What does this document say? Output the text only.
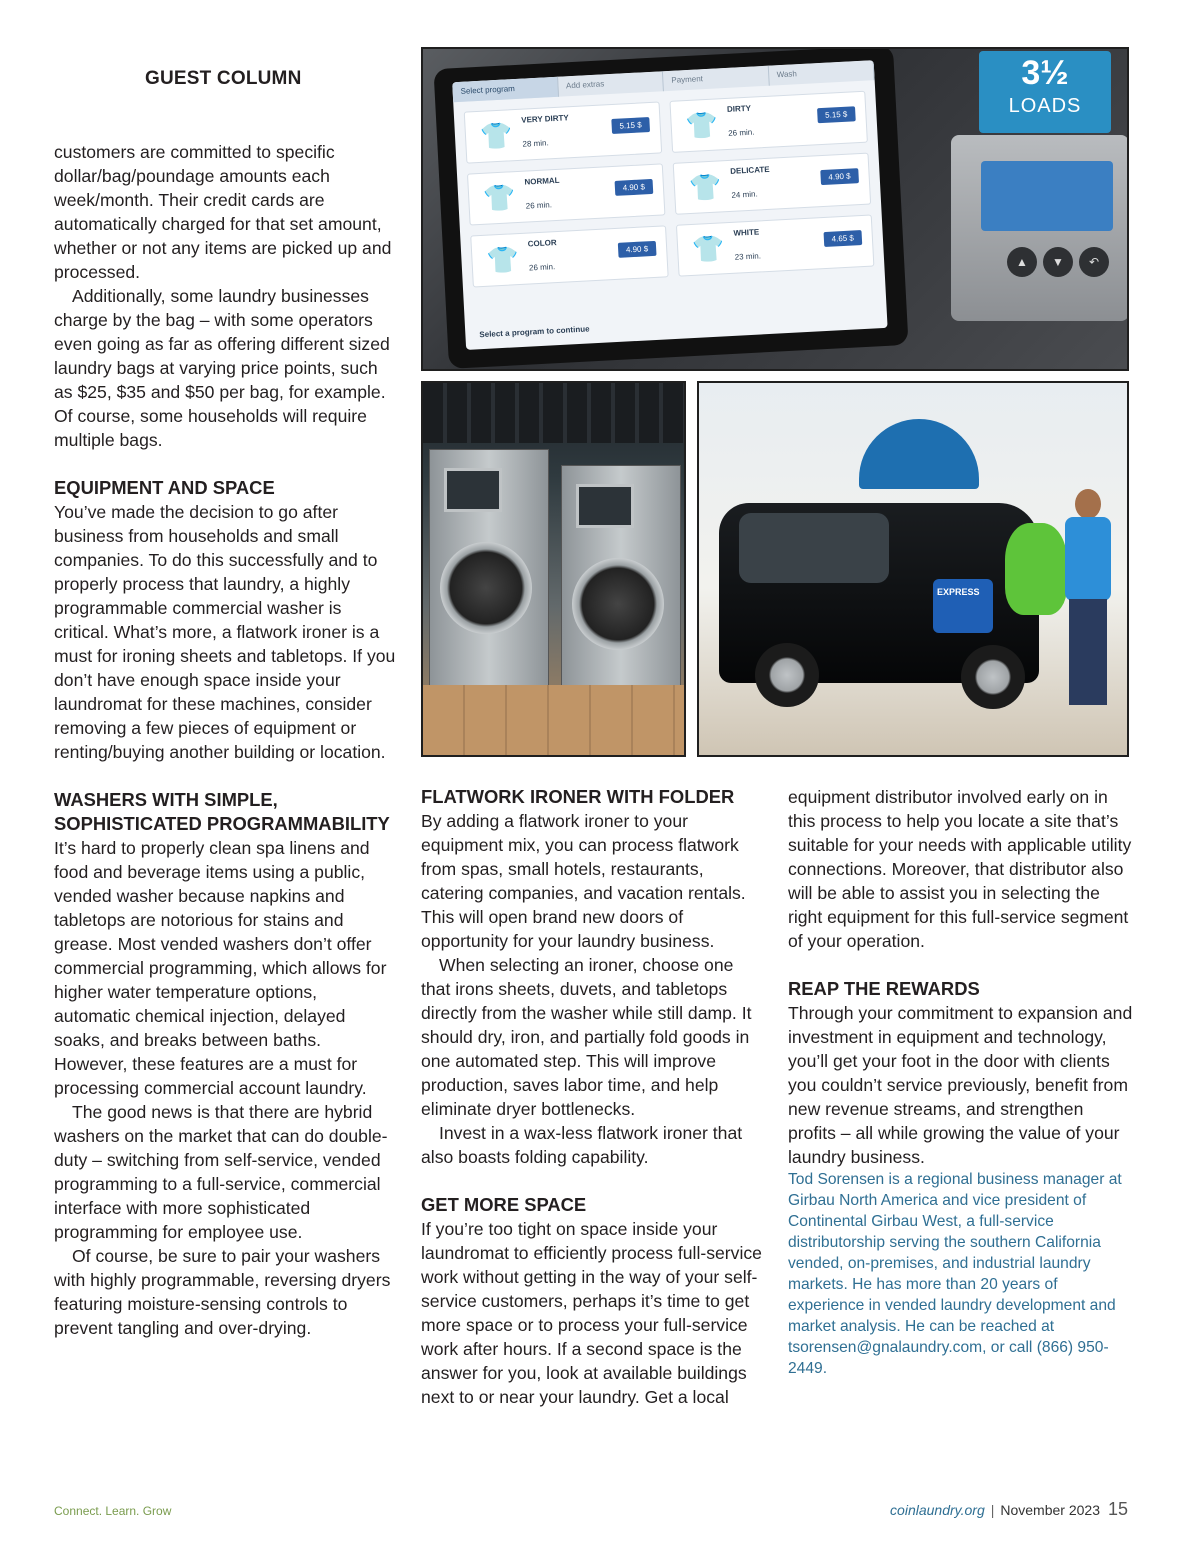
GUEST COLUMN

customers are committed to specific dollar/bag/poundage amounts each week/month. Their credit cards are automatically charged for that set amount, whether or not any items are picked up and processed.

Additionally, some laundry businesses charge by the bag – with some operators even going as far as offering different sized laundry bags at varying price points, such as $25, $35 and $50 per bag, for example. Of course, some households will require multiple bags.

EQUIPMENT AND SPACE

You’ve made the decision to go after business from households and small companies. To do this successfully and to properly process that laundry, a highly programmable commercial washer is critical. What’s more, a flatwork ironer is a must for ironing sheets and tabletops. If you don’t have enough space inside your laundromat for these machines, consider removing a few pieces of equipment or renting/buying another building or location.

WASHERS WITH SIMPLE, SOPHISTICATED PROGRAMMABILITY

It’s hard to properly clean spa linens and food and beverage items using a public, vended washer because napkins and tabletops are notorious for stains and grease. Most vended washers don’t offer commercial programming, which allows for higher water temperature options, automatic chemical injection, delayed soaks, and breaks between baths. However, these features are a must for processing commercial account laundry.

The good news is that there are hybrid washers on the market that can do double-duty – switching from self-service, vended programming to a full-service, commercial interface with more sophisticated programming for employee use.

Of course, be sure to pair your washers with highly programmable, reversing dryers featuring moisture-sensing controls to prevent tangling and over-drying.

FLATWORK IRONER WITH FOLDER

By adding a flatwork ironer to your equipment mix, you can process flatwork from spas, small hotels, restaurants, catering companies, and vacation rentals. This will open brand new doors of opportunity for your laundry business.

When selecting an ironer, choose one that irons sheets, duvets, and tabletops directly from the washer while still damp. It should dry, iron, and partially fold goods in one automated step. This will improve production, saves labor time, and help eliminate dryer bottlenecks.

Invest in a wax-less flatwork ironer that also boasts folding capability.

GET MORE SPACE

If you’re too tight on space inside your laundromat to efficiently process full-service work without getting in the way of your self-service customers, perhaps it’s time to get more space or to process your full-service work after hours. If a second space is the answer for you, look at available buildings next to or near your laundry. Get a local

equipment distributor involved early on in this process to help you locate a site that’s suitable for your needs with applicable utility connections. Moreover, that distributor also will be able to assist you in selecting the right equipment for this full-service segment of your operation.

REAP THE REWARDS

Through your commitment to expansion and investment in equipment and technology, you’ll get your foot in the door with clients you couldn’t service previously, benefit from new revenue streams, and strengthen profits – all while growing the value of your laundry business.

Tod Sorensen is a regional business manager at Girbau North America and vice president of Continental Girbau West, a full-service distributorship serving the southern California vended, on-premises, and industrial laundry markets. He has more than 20 years of experience in vended laundry development and market analysis. He can be reached at tsorensen@gnalaundry.com, or call (866) 950-2449.

Select program	Add extras	Payment	Wash
👕
VERY DIRTY
28 min.
5.15 $	👕
DIRTY
26 min.
5.15 $
👕
NORMAL
26 min.
4.90 $	👕
DELICATE
24 min.
4.90 $
👕
COLOR
26 min.
4.90 $	👕
WHITE
23 min.
4.65 $
Select a program to continue
3½
LOADS
▲	▼	↶
EXPRESS
Connect. Learn. Grow	coinlaundry.org | November 2023 15
